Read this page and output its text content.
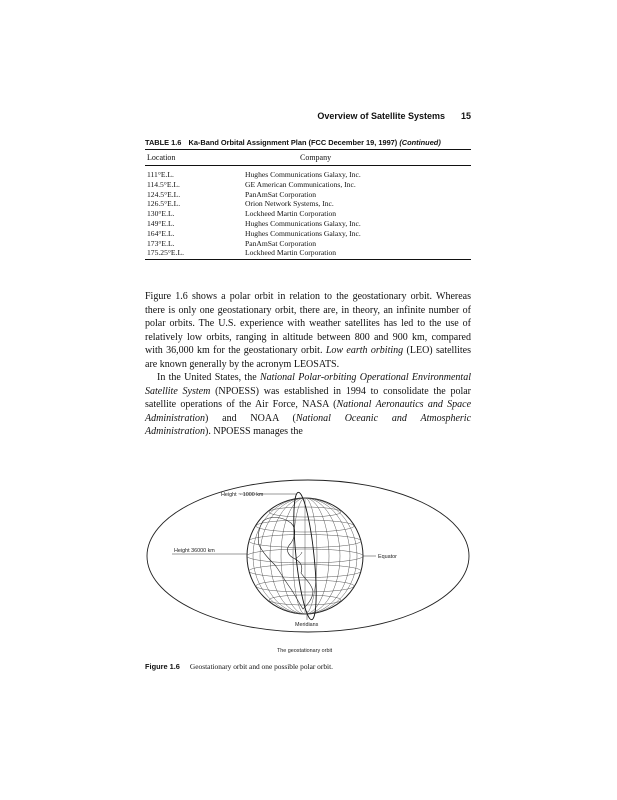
Overview of Satellite Systems 15
TABLE 1.6 Ka-Band Orbital Assignment Plan (FCC December 19, 1997) (Continued)
Location	Company
111°E.L.	Hughes Communications Galaxy, Inc.
114.5°E.L.	GE American Communications, Inc.
124.5°E.L.	PanAmSat Corporation
126.5°E.L.	Orion Network Systems, Inc.
130°E.L.	Lockheed Martin Corporation
149°E.L.	Hughes Communications Galaxy, Inc.
164°E.L.	Hughes Communications Galaxy, Inc.
173°E.L.	PanAmSat Corporation
175.25°E.L.	Lockheed Martin Corporation

Figure 1.6 shows a polar orbit in relation to the geostationary orbit. Whereas there is only one geostationary orbit, there are, in theory, an infinite number of polar orbits. The U.S. experience with weather satellites has led to the use of relatively low orbits, ranging in altitude between 800 and 900 km, compared with 36,000 km for the geostationary orbit. Low earth orbiting (LEO) satellites are known generally by the acronym LEOSATS.

In the United States, the National Polar-orbiting Operational Environmental Satellite System (NPOESS) was established in 1994 to consolidate the polar satellite operations of the Air Force, NASA (National Aeronautics and Space Administration) and NOAA (National Oceanic and Atmospheric Administration). NPOESS manages the

Height ~ 1000 km
Height 36000 km
Equator
Meridians
The geostationary orbit
Figure 1.6 Geostationary orbit and one possible polar orbit.
